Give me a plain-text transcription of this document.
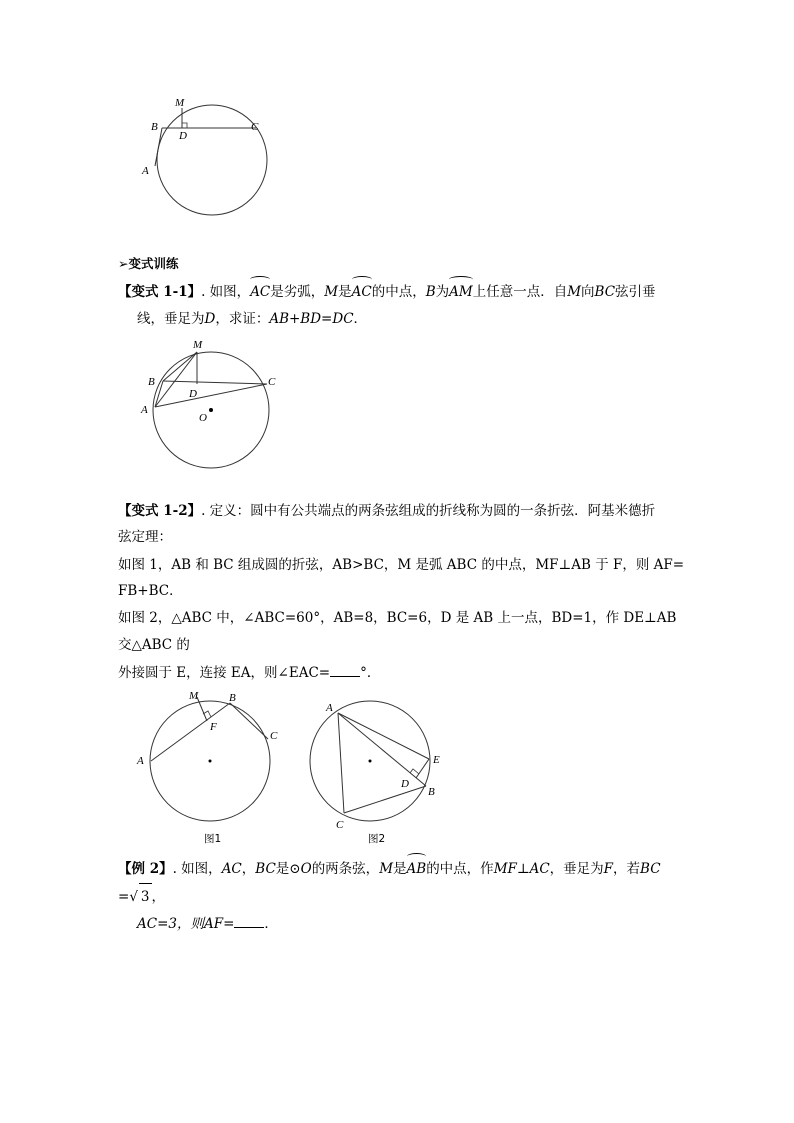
M
B
D
C
A
➢变式训练
【变式 1-1】. 如图，AC是劣弧，M是AC的中点，B为AM上任意一点．自M向BC弦引垂
线，垂足为D，求证：AB+BD=DC．
M
B
D
C
A
O
【变式 1-2】. 定义：圆中有公共端点的两条弦组成的折线称为圆的一条折弦．阿基米德折
弦定理：
如图 1，AB 和 BC 组成圆的折弦，AB>BC，M 是弧 ABC 的中点，MF⊥AB 于 F，则 AF=
FB+BC．
如图 2，△ABC 中，∠ABC=60°，AB=8，BC=6，D 是 AB 上一点，BD=1，作 DE⊥AB
交△ABC 的
外接圆于 E，连接 EA，则∠EAC= °．
M	B
F
C
A
图1
A
E
D
B
C
图2
【例 2】. 如图，AC，BC是⊙O的两条弦，M是AB的中点，作MF⊥AC，垂足为F，若BC
=√ 3 ，
AC=3，则AF= ．
